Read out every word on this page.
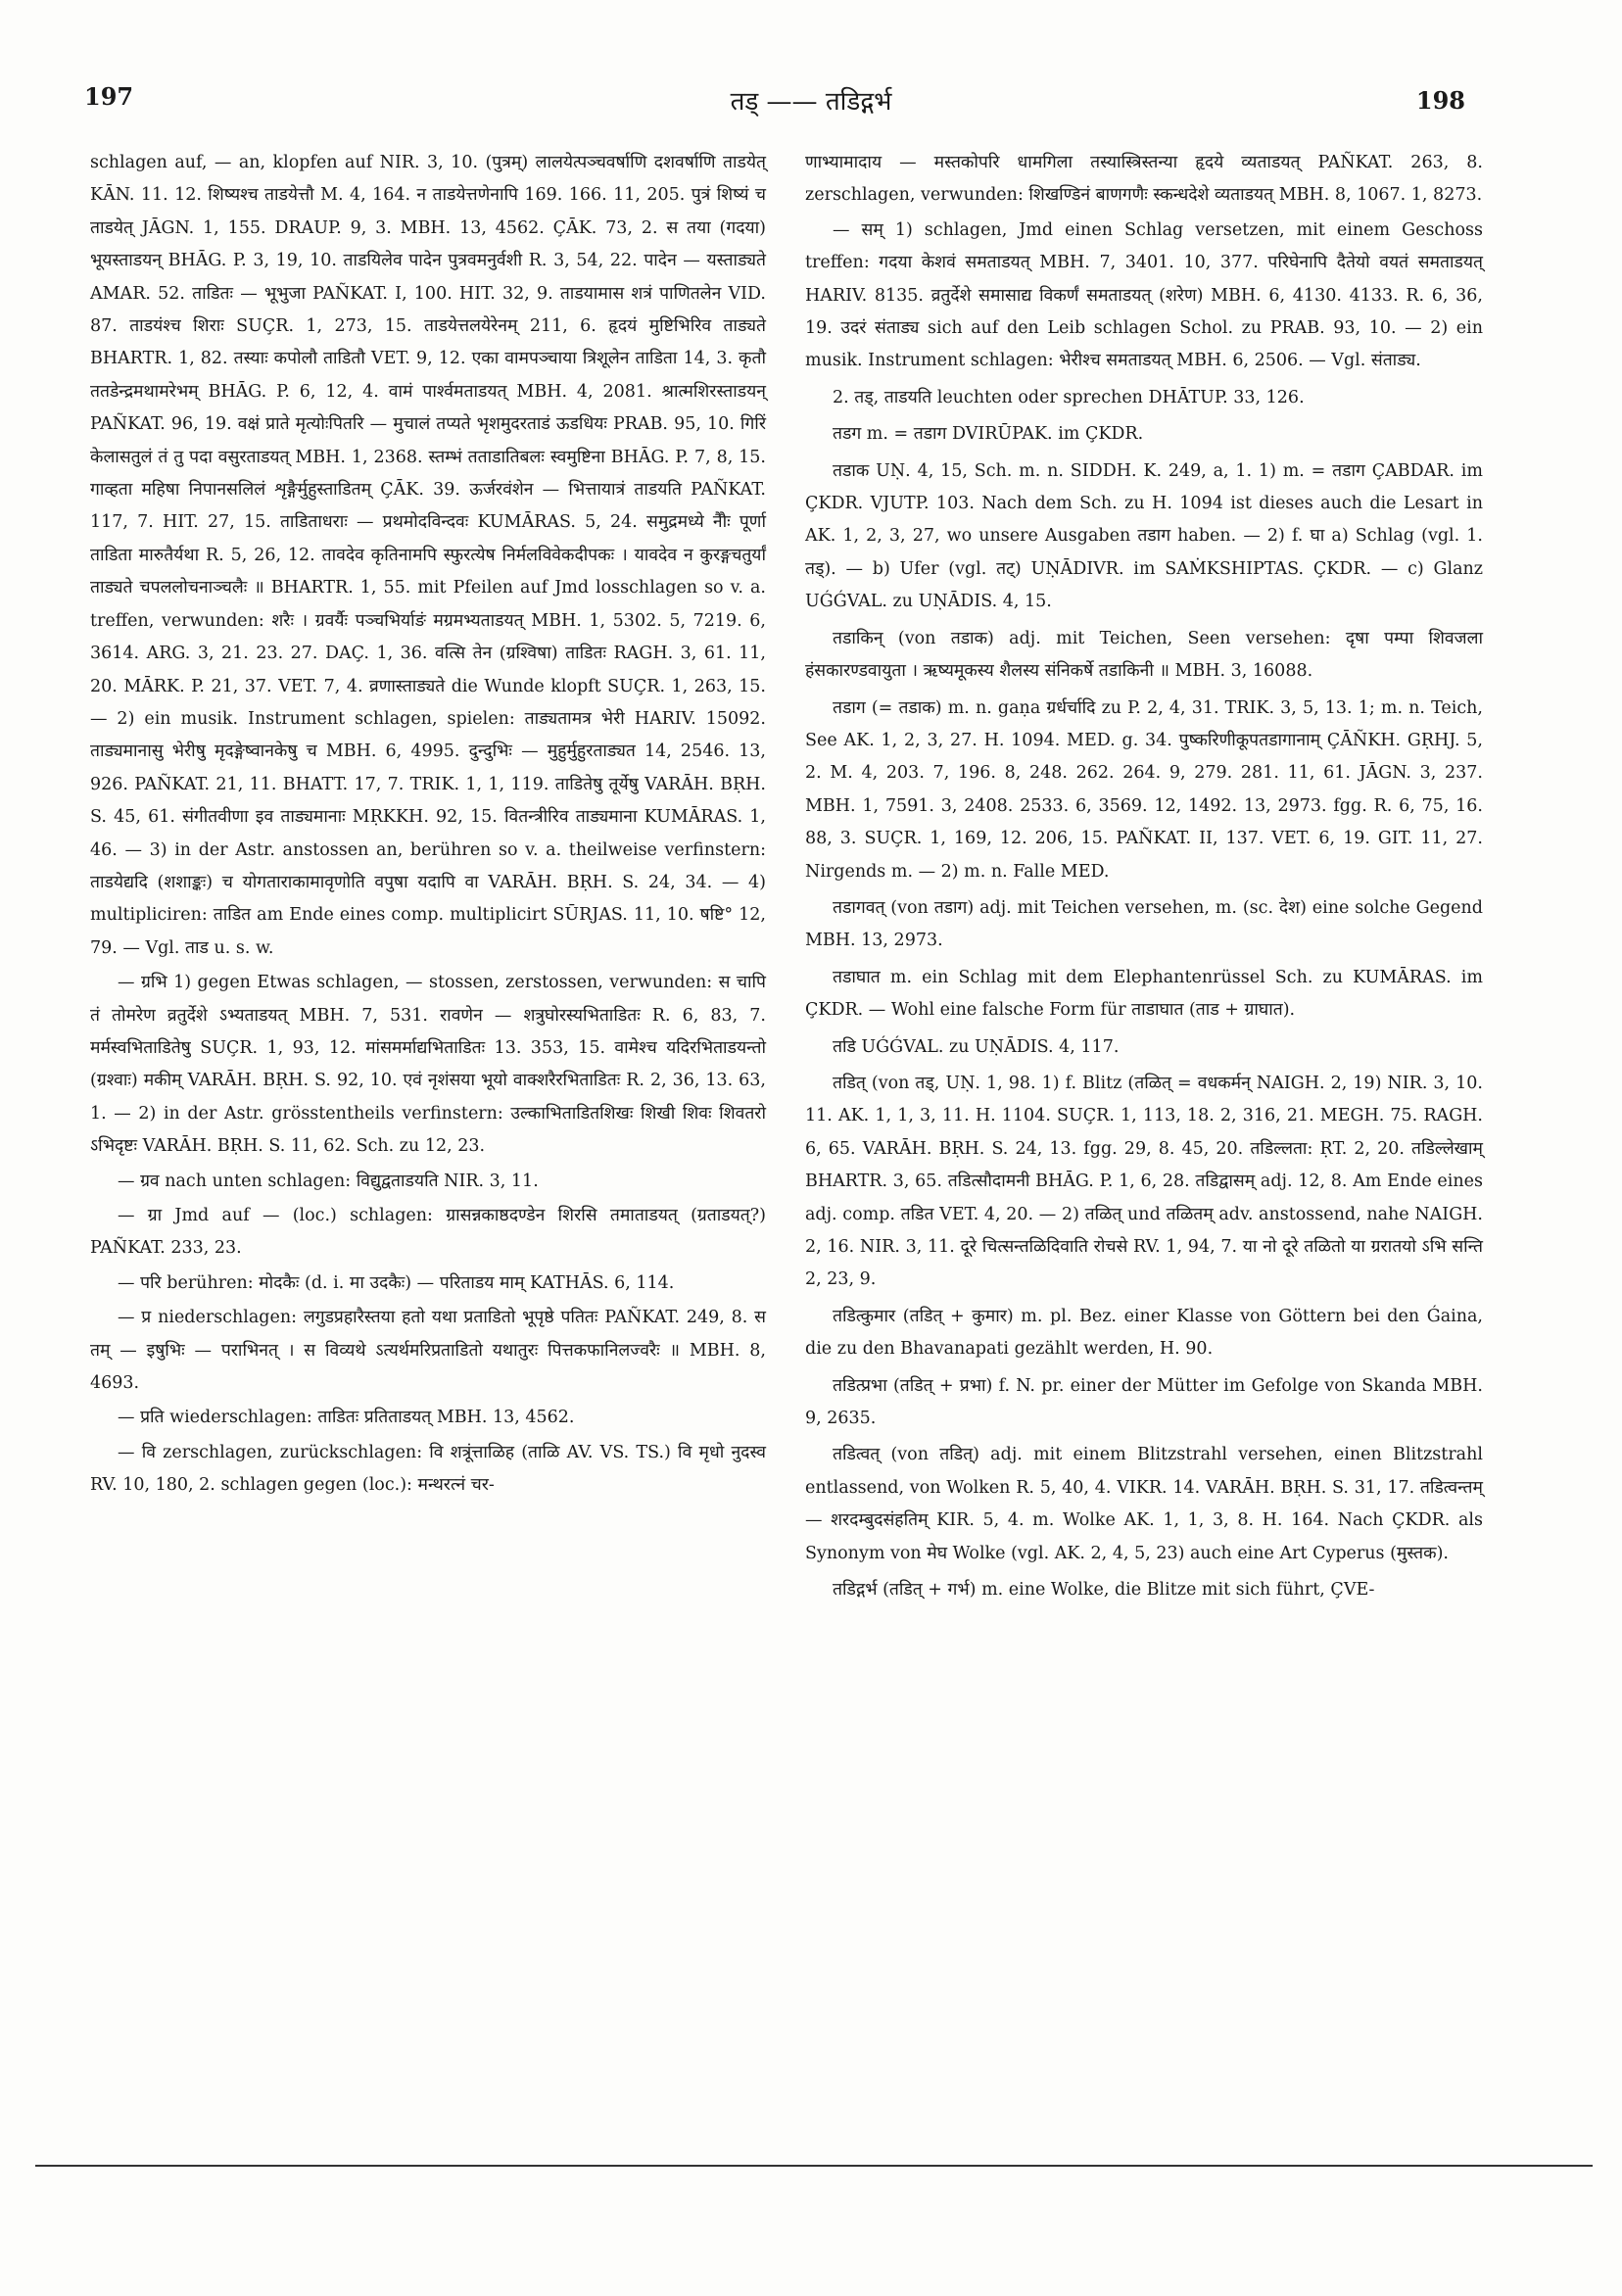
197	तड् —— तडिद्गर्भ	198

schlagen auf, — an, klopfen auf NIR. 3, 10. (पुत्रम्) लालयेत्पञ्चवर्षाणि दशवर्षाणि ताडयेत् KĀN. 11. 12. शिष्यश्च ताडयेत्तौ M. 4, 164. न ताडयेत्तणेनापि 169. 166. 11, 205. पुत्रं शिष्यं च ताडयेत् JĀGN. 1, 155. DRAUP. 9, 3. MBH. 13, 4562. ÇĀK. 73, 2. स तया (गदया) भूयस्ताडयन् BHĀG. P. 3, 19, 10. ताडयिलेव पादेन पुत्रवमनुर्वशी R. 3, 54, 22. पादेन — यस्ताड्यते AMAR. 52. ताडितः — भूभुजा PAÑKAT. I, 100. HIT. 32, 9. ताडयामास शत्रं पाणितलेन VID. 87. ताडयंश्च शिराः SUÇR. 1, 273, 15. ताडयेत्तलयेरेनम् 211, 6. हृदयं मुष्टिभिरिव ताड्यते BHARTR. 1, 82. तस्याः कपोलौ ताडितौ VET. 9, 12. एका वामपञ्चाया त्रिशूलेन ताडिता 14, 3. कृतौ ततडेन्द्रमथामरेभम् BHĀG. P. 6, 12, 4. वामं पार्श्वमताडयत् MBH. 4, 2081. श्रात्मशिरस्ताडयन् PAÑKAT. 96, 19. वक्षं प्राते मृत्योःपितरि — मुचालं तप्यते भृशमुदरताडं ऊडधियः PRAB. 95, 10. गिरिं केलासतुलं तं तु पदा वसुरताडयत् MBH. 1, 2368. स्तम्भं तताडातिबलः स्वमुष्टिना BHĀG. P. 7, 8, 15. गाव्हता महिषा निपानसलिलं शृङ्गैर्मुहुस्ताडितम् ÇĀK. 39. ऊर्जरवंशेन — भित्तायात्रं ताडयति PAÑKAT. 117, 7. HIT. 27, 15. ताडिताधराः — प्रथमोदविन्दवः KUMĀRAS. 5, 24. समुद्रमध्ये नैौः पूर्णा ताडिता मारुतैर्यथा R. 5, 26, 12. तावदेव कृतिनामपि स्फुरत्येष निर्मलविवेकदीपकः । यावदेव न कुरङ्गचतुर्यां ताड्यते चपललोचनाञ्चलैः ॥ BHARTR. 1, 55. mit Pfeilen auf Jmd losschlagen so v. a. treffen, verwunden: शरैः । ग्रवर्यैः पञ्चभिर्याङं मग्रमभ्यताडयत् MBH. 1, 5302. 5, 7219. 6, 3614. ARG. 3, 21. 23. 27. DAÇ. 1, 36. वत्सि तेन (ग्रश्विषा) ताडितः RAGH. 3, 61. 11, 20. MĀRK. P. 21, 37. VET. 7, 4. व्रणास्ताड्यते die Wunde klopft SUÇR. 1, 263, 15. — 2) ein musik. Instrument schlagen, spielen: ताड्यतामत्र भेरी HARIV. 15092. ताड्यमानासु भेरीषु मृदङ्गेष्वानकेषु च MBH. 6, 4995. दुन्दुभिः — मुहुर्मुहुरताड्यत 14, 2546. 13, 926. PAÑKAT. 21, 11. BHATT. 17, 7. TRIK. 1, 1, 119. ताडितेषु तूर्येषु VARĀH. BṚH. S. 45, 61. संगीतवीणा इव ताड्यमानाः MṚKKH. 92, 15. वितन्त्रीरिव ताड्यमाना KUMĀRAS. 1, 46. — 3) in der Astr. anstossen an, berühren so v. a. theilweise verfinstern: ताडयेद्यदि (शशाङ्कः) च योगताराकामावृणोति वपुषा यदापि वा VARĀH. BṚH. S. 24, 34. — 4) multipliciren: ताडित am Ende eines comp. multiplicirt SŪRJAS. 11, 10. षष्टि° 12, 79. — Vgl. ताड u. s. w.

— ग्रभि 1) gegen Etwas schlagen, — stossen, zerstossen, verwunden: स चापि तं तोमरेण व्रतुर्देशे ऽभ्यताडयत् MBH. 7, 531. रावणेन — शत्रुघोरस्यभिताडितः R. 6, 83, 7. मर्मस्वभिताडितेषु SUÇR. 1, 93, 12. मांसमर्माद्यभिताडितः 13. 353, 15. वामेश्च यदिरभिताडयन्तो (ग्रश्वाः) मकीम् VARĀH. BṚH. S. 92, 10. एवं नृशंसया भूयो वाक्शरैरभिताडितः R. 2, 36, 13. 63, 1. — 2) in der Astr. grösstentheils verfinstern: उल्काभिताडितशिखः शिखी शिवः शिवतरो ऽभिदृष्टः VARĀH. BṚH. S. 11, 62. Sch. zu 12, 23.

— ग्रव nach unten schlagen: विद्युद्वताडयति NIR. 3, 11.

— ग्रा Jmd auf — (loc.) schlagen: ग्रासन्नकाष्ठदण्डेन शिरसि तमाताडयत् (ग्रताडयत्?) PAÑKAT. 233, 23.

— परि berühren: मोदकैः (d. i. मा उदकैः) — परिताडय माम् KATHĀS. 6, 114.

— प्र niederschlagen: लगुडप्रहारैस्तया हतो यथा प्रताडितो भूपृष्ठे पतितः PAÑKAT. 249, 8. स तम् — इषुभिः — पराभिनत् । स विव्यथे ऽत्यर्थमरिप्रताडितो यथातुरः पित्तकफानिलज्वरैः ॥ MBH. 8, 4693.

— प्रति wiederschlagen: ताडितः प्रतिताडयत् MBH. 13, 4562.

— वि zerschlagen, zurückschlagen: वि शत्रूंत्ताळिह (ताळि AV. VS. TS.) वि मृधो नुदस्व RV. 10, 180, 2. schlagen gegen (loc.): मन्थरत्नं चर-

णाभ्यामादाय — मस्तकोपरि धामगिला तस्यास्त्रिस्तन्या हृदये व्यताडयत् PAÑKAT. 263, 8. zerschlagen, verwunden: शिखण्डिनं बाणगणैः स्कन्धदेशे व्यताडयत् MBH. 8, 1067. 1, 8273.

— सम् 1) schlagen, Jmd einen Schlag versetzen, mit einem Geschoss treffen: गदया केशवं समताडयत् MBH. 7, 3401. 10, 377. परिघेनापि दैतेयो वयतं समताडयत् HARIV. 8135. व्रतुर्देशे समासाद्य विकर्णं समताडयत् (शरेण) MBH. 6, 4130. 4133. R. 6, 36, 19. उदरं संताड्य sich auf den Leib schlagen Schol. zu PRAB. 93, 10. — 2) ein musik. Instrument schlagen: भेरीश्च समताडयत् MBH. 6, 2506. — Vgl. संताड्य.

2. तड्, ताडयति leuchten oder sprechen DHĀTUP. 33, 126.

तडग m. = तडाग DVIRŪPAK. im ÇKDR.

तडाक UṆ. 4, 15, Sch. m. n. SIDDH. K. 249, a, 1. 1) m. = तडाग ÇABDAR. im ÇKDR. VJUTP. 103. Nach dem Sch. zu H. 1094 ist dieses auch die Lesart in AK. 1, 2, 3, 27, wo unsere Ausgaben तडाग haben. — 2) f. घा a) Schlag (vgl. 1. तड्). — b) Ufer (vgl. तट्) UṆĀDIVR. im SAṀKSHIPTAS. ÇKDR. — c) Glanz UǴǴVAL. zu UṆĀDIS. 4, 15.

तडाकिन् (von तडाक) adj. mit Teichen, Seen versehen: दृषा पम्पा शिवजला हंसकारण्डवायुता । ऋष्यमूकस्य शैलस्य संनिकर्षे तडाकिनी ॥ MBH. 3, 16088.

तडाग (= तडाक) m. n. gaṇa ग्रर्धर्चादि zu P. 2, 4, 31. TRIK. 3, 5, 13. 1; m. n. Teich, See AK. 1, 2, 3, 27. H. 1094. MED. g. 34. पुष्करिणीकूपतडागानाम् ÇĀÑKH. GṚHJ. 5, 2. M. 4, 203. 7, 196. 8, 248. 262. 264. 9, 279. 281. 11, 61. JĀGN. 3, 237. MBH. 1, 7591. 3, 2408. 2533. 6, 3569. 12, 1492. 13, 2973. fgg. R. 6, 75, 16. 88, 3. SUÇR. 1, 169, 12. 206, 15. PAÑKAT. II, 137. VET. 6, 19. GIT. 11, 27. Nirgends m. — 2) m. n. Falle MED.

तडागवत् (von तडाग) adj. mit Teichen versehen, m. (sc. देश) eine solche Gegend MBH. 13, 2973.

तडाघात m. ein Schlag mit dem Elephantenrüssel Sch. zu KUMĀRAS. im ÇKDR. — Wohl eine falsche Form für ताडाघात (ताड + ग्राघात).

तडि UǴǴVAL. zu UṆĀDIS. 4, 117.

तडित् (von तड्, UṆ. 1, 98. 1) f. Blitz (तळित् = वधकर्मन् NAIGH. 2, 19) NIR. 3, 10. 11. AK. 1, 1, 3, 11. H. 1104. SUÇR. 1, 113, 18. 2, 316, 21. MEGH. 75. RAGH. 6, 65. VARĀH. BṚH. S. 24, 13. fgg. 29, 8. 45, 20. तडिल्लता: ṚT. 2, 20. तडिल्लेखाम् BHARTR. 3, 65. तडित्सौदामनी BHĀG. P. 1, 6, 28. तडिद्वासम् adj. 12, 8. Am Ende eines adj. comp. तडित VET. 4, 20. — 2) तळित् und तळितम् adv. anstossend, nahe NAIGH. 2, 16. NIR. 3, 11. दूरे चित्सन्तळिदिवाति रोचसे RV. 1, 94, 7. या नो दूरे तळितो या ग्ररातयो ऽभि सन्ति 2, 23, 9.

तडित्कुमार (तडित् + कुमार) m. pl. Bez. einer Klasse von Göttern bei den Ǵaina, die zu den Bhavanapati gezählt werden, H. 90.

तडित्प्रभा (तडित् + प्रभा) f. N. pr. einer der Mütter im Gefolge von Skanda MBH. 9, 2635.

तडित्वत् (von तडित्) adj. mit einem Blitzstrahl versehen, einen Blitzstrahl entlassend, von Wolken R. 5, 40, 4. VIKR. 14. VARĀH. BṚH. S. 31, 17. तडित्वन्तम् — शरदम्बुदसंहतिम् KIR. 5, 4. m. Wolke AK. 1, 1, 3, 8. H. 164. Nach ÇKDR. als Synonym von मेघ Wolke (vgl. AK. 2, 4, 5, 23) auch eine Art Cyperus (मुस्तक).

तडिद्गर्भ (तडित् + गर्भ) m. eine Wolke, die Blitze mit sich führt, ÇVE-
